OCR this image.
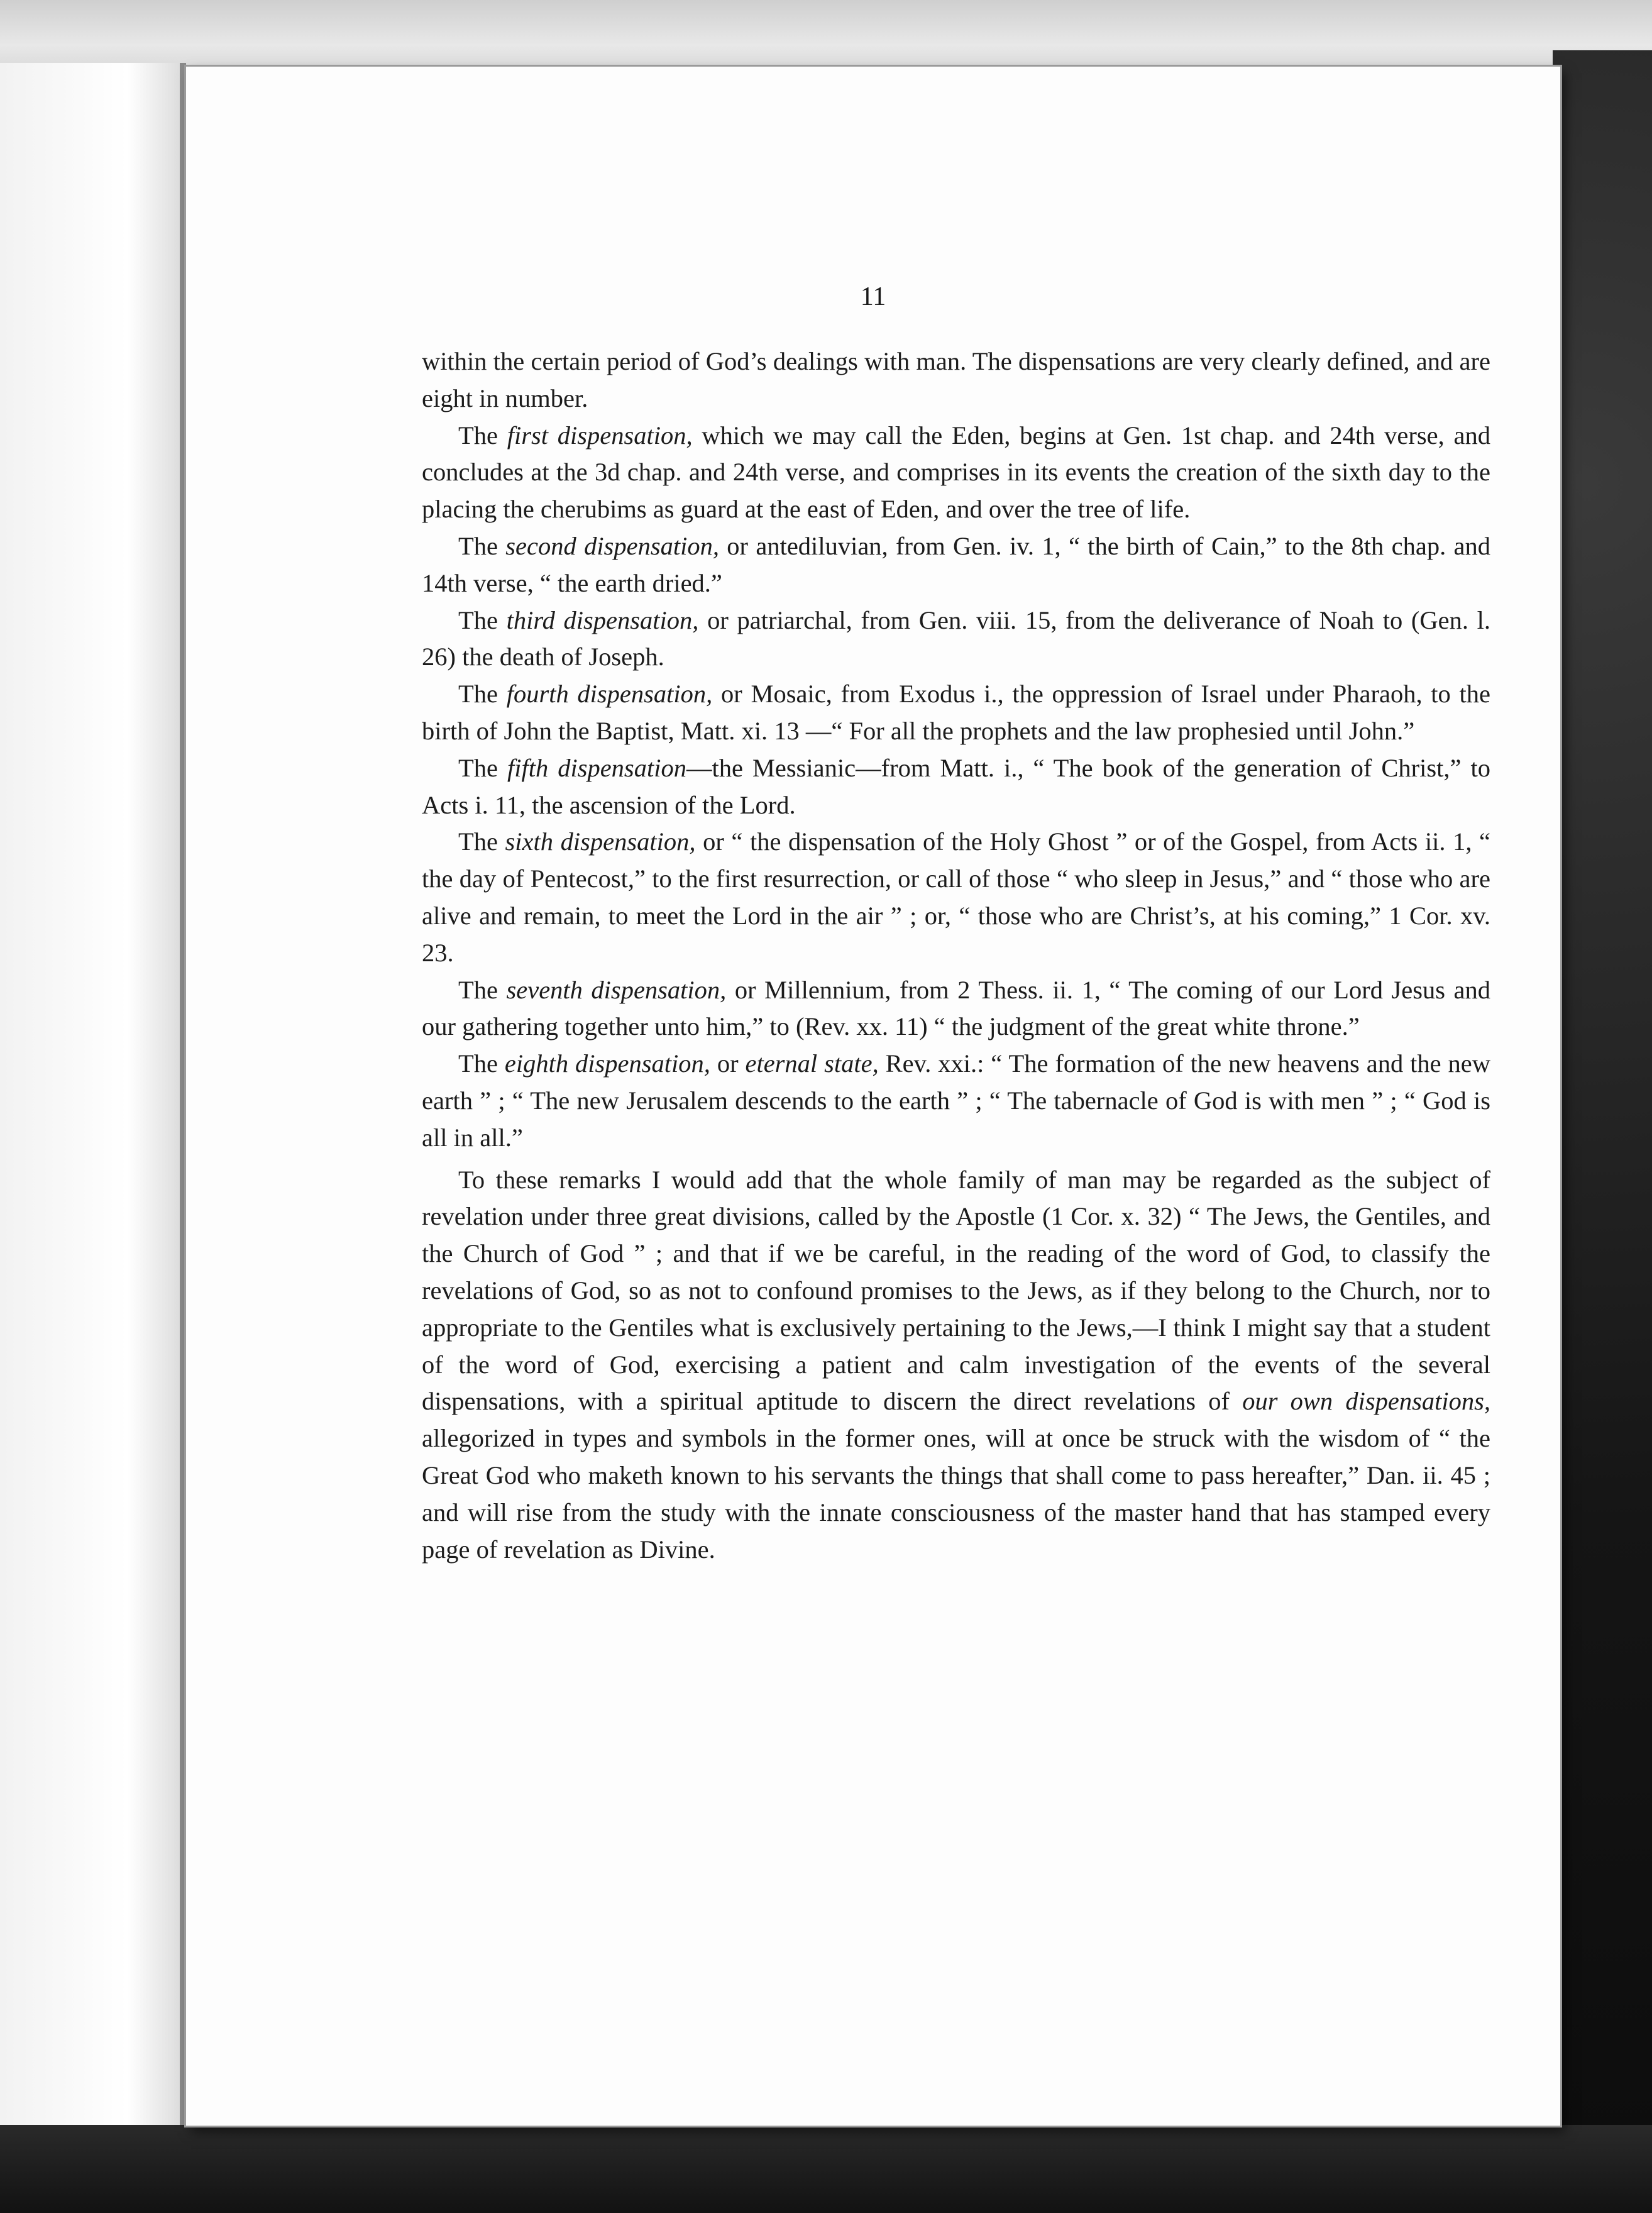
11

within the certain period of God’s dealings with man. The dispensations are very clearly defined, and are eight in number.

The first dispensation, which we may call the Eden, begins at Gen. 1st chap. and 24th verse, and concludes at the 3d chap. and 24th verse, and comprises in its events the creation of the sixth day to the placing the cherubims as guard at the east of Eden, and over the tree of life.

The second dispensation, or antediluvian, from Gen. iv. 1, “ the birth of Cain,” to the 8th chap. and 14th verse, “ the earth dried.”

The third dispensation, or patriarchal, from Gen. viii. 15, from the deliverance of Noah to (Gen. l. 26) the death of Joseph.

The fourth dispensation, or Mosaic, from Exodus i., the oppression of Israel under Pharaoh, to the birth of John the Baptist, Matt. xi. 13 —“ For all the prophets and the law prophesied until John.”

The fifth dispensation—the Messianic—from Matt. i., “ The book of the generation of Christ,” to Acts i. 11, the ascension of the Lord.

The sixth dispensation, or “ the dispensation of the Holy Ghost ” or of the Gospel, from Acts ii. 1, “ the day of Pentecost,” to the first resurrection, or call of those “ who sleep in Jesus,” and “ those who are alive and remain, to meet the Lord in the air ” ; or, “ those who are Christ’s, at his coming,” 1 Cor. xv. 23.

The seventh dispensation, or Millennium, from 2 Thess. ii. 1, “ The coming of our Lord Jesus and our gathering together unto him,” to (Rev. xx. 11) “ the judgment of the great white throne.”

The eighth dispensation, or eternal state, Rev. xxi.: “ The formation of the new heavens and the new earth ” ; “ The new Jerusalem descends to the earth ” ; “ The tabernacle of God is with men ” ; “ God is all in all.”

To these remarks I would add that the whole family of man may be regarded as the subject of revelation under three great divisions, called by the Apostle (1 Cor. x. 32) “ The Jews, the Gentiles, and the Church of God ” ; and that if we be careful, in the reading of the word of God, to classify the revelations of God, so as not to confound promises to the Jews, as if they belong to the Church, nor to appropriate to the Gentiles what is exclusively pertaining to the Jews,—I think I might say that a student of the word of God, exercising a patient and calm investigation of the events of the several dispensations, with a spiritual aptitude to discern the direct revelations of our own dispensations, allegorized in types and symbols in the former ones, will at once be struck with the wisdom of “ the Great God who maketh known to his servants the things that shall come to pass hereafter,” Dan. ii. 45 ; and will rise from the study with the innate consciousness of the master hand that has stamped every page of revelation as Divine.
